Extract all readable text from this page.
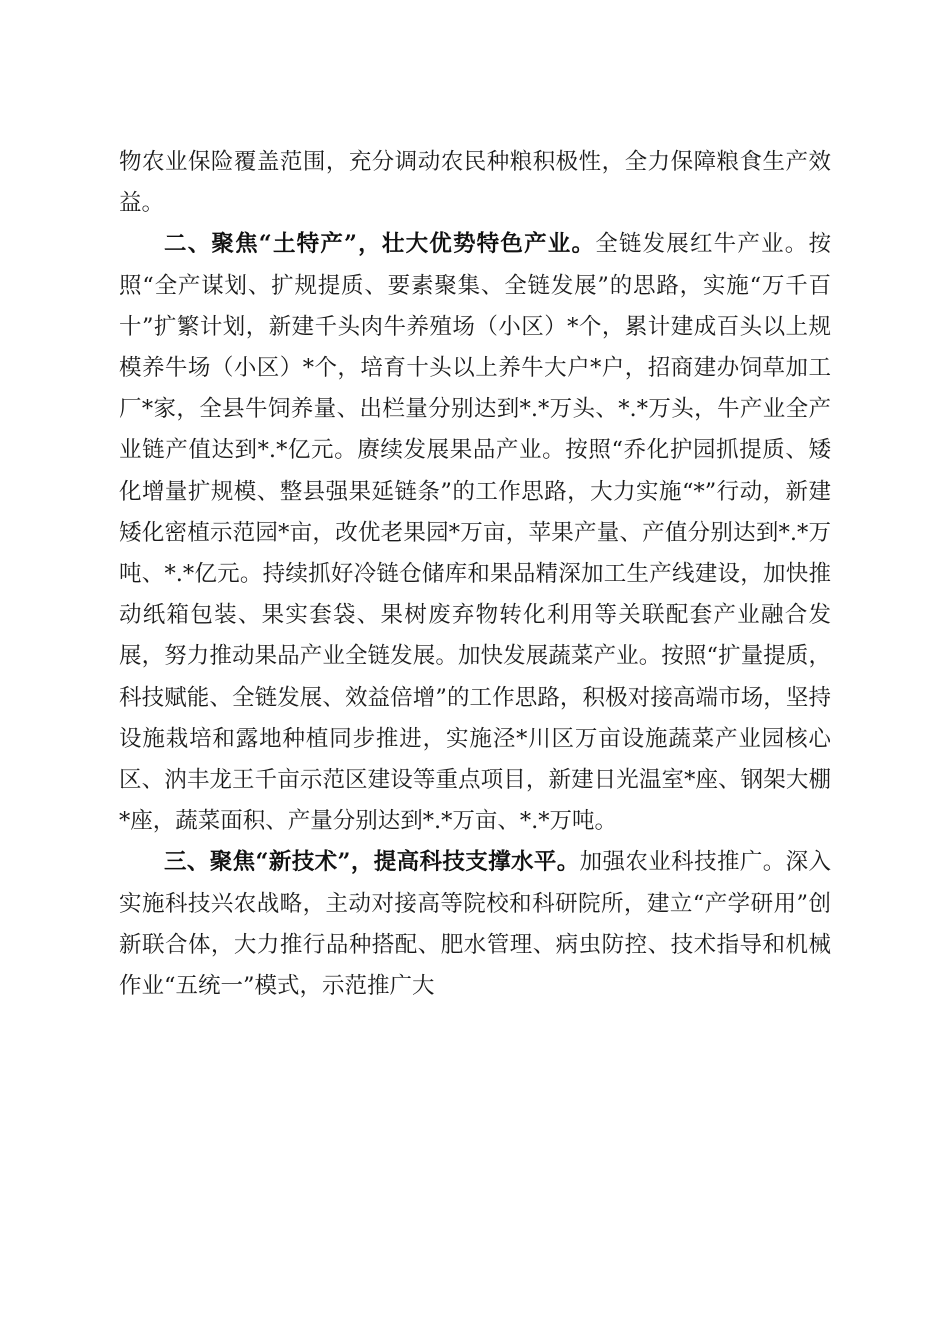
物农业保险覆盖范围，充分调动农民种粮积极性，全力保障粮食生产效益。

二、聚焦“土特产”，壮大优势特色产业。全链发展红牛产业。按照“全产谋划、扩规提质、要素聚集、全链发展”的思路，实施“万千百十”扩繁计划，新建千头肉牛养殖场（小区）*个，累计建成百头以上规模养牛场（小区）*个，培育十头以上养牛大户*户，招商建办饲草加工厂*家，全县牛饲养量、出栏量分别达到*.*万头、*.*万头，牛产业全产业链产值达到*.*亿元。赓续发展果品产业。按照“乔化护园抓提质、矮化增量扩规模、整县强果延链条”的工作思路，大力实施“*”行动，新建矮化密植示范园*亩，改优老果园*万亩，苹果产量、产值分别达到*.*万吨、*.*亿元。持续抓好冷链仓储库和果品精深加工生产线建设，加快推动纸箱包装、果实套袋、果树废弃物转化利用等关联配套产业融合发展，努力推动果品产业全链发展。加快发展蔬菜产业。按照“扩量提质，科技赋能、全链发展、效益倍增”的工作思路，积极对接高端市场，坚持设施栽培和露地种植同步推进，实施泾*川区万亩设施蔬菜产业园核心区、汭丰龙王千亩示范区建设等重点项目，新建日光温室*座、钢架大棚*座，蔬菜面积、产量分别达到*.*万亩、*.*万吨。

三、聚焦“新技术”，提高科技支撑水平。加强农业科技推广。深入实施科技兴农战略，主动对接高等院校和科研院所，建立“产学研用”创新联合体，大力推行品种搭配、肥水管理、病虫防控、技术指导和机械作业“五统一”模式，示范推广大
